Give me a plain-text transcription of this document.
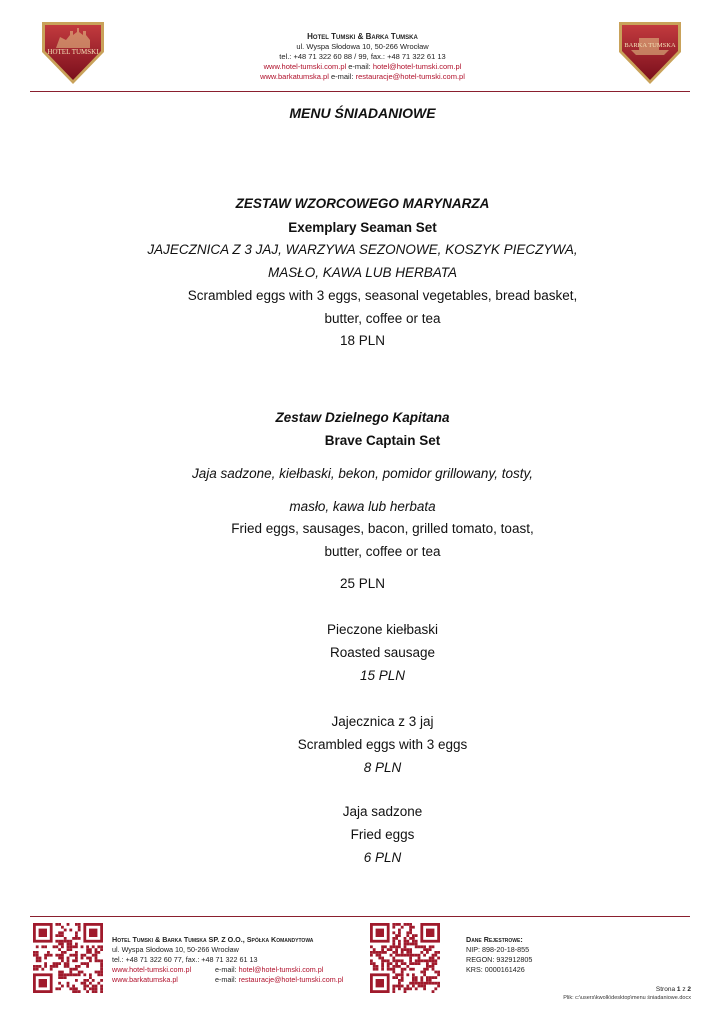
HOTEL TUMSKI
BARKA TUMSKA
Hotel Tumski & Barka Tumska
ul. Wyspa Słodowa 10, 50-266 Wrocław
tel.: +48 71 322 60 88 / 99, fax.: +48 71 322 61 13
www.hotel-tumski.com.pl e-mail: hotel@hotel-tumski.com.pl
www.barkatumska.pl e-mail: restauracje@hotel-tumski.com.pl
MENU ŚNIADANIOWE
ZESTAW WZORCOWEGO MARYNARZA
Exemplary Seaman Set
JAJECZNICA Z 3 JAJ, WARZYWA SEZONOWE, KOSZYK PIECZYWA,
MASŁO, KAWA LUB HERBATA
Scrambled eggs with 3 eggs, seasonal vegetables, bread basket,
butter, coffee or tea
18 PLN
Zestaw Dzielnego Kapitana
Brave Captain Set
Jaja sadzone, kiełbaski, bekon, pomidor grillowany, tosty,
masło, kawa lub herbata
Fried eggs, sausages, bacon, grilled tomato, toast,
butter, coffee or tea
25 PLN
Pieczone kiełbaski
Roasted sausage
15 PLN
Jajecznica z 3 jaj
Scrambled eggs with 3 eggs
8 PLN
Jaja sadzone
Fried eggs
6 PLN
Hotel Tumski & Barka Tumska SP. Z O.O., Spółka Komandytowa
ul. Wyspa Słodowa 10, 50-266 Wrocław
tel.: +48 71 322 60 77, fax.: +48 71 322 61 13
www.hotel-tumski.com.pl	e-mail:
hotel@hotel-tumski.com.pl
www.barkatumska.pl	e-mail:
restauracje@hotel-tumski.com.pl
Dane Rejestrowe:
NIP: 898-20-18-855
REGON: 932912805
KRS: 0000161426
Strona 1 z 2
Plik: c:\users\kwolk\desktop\menu śniadaniowe.docx
